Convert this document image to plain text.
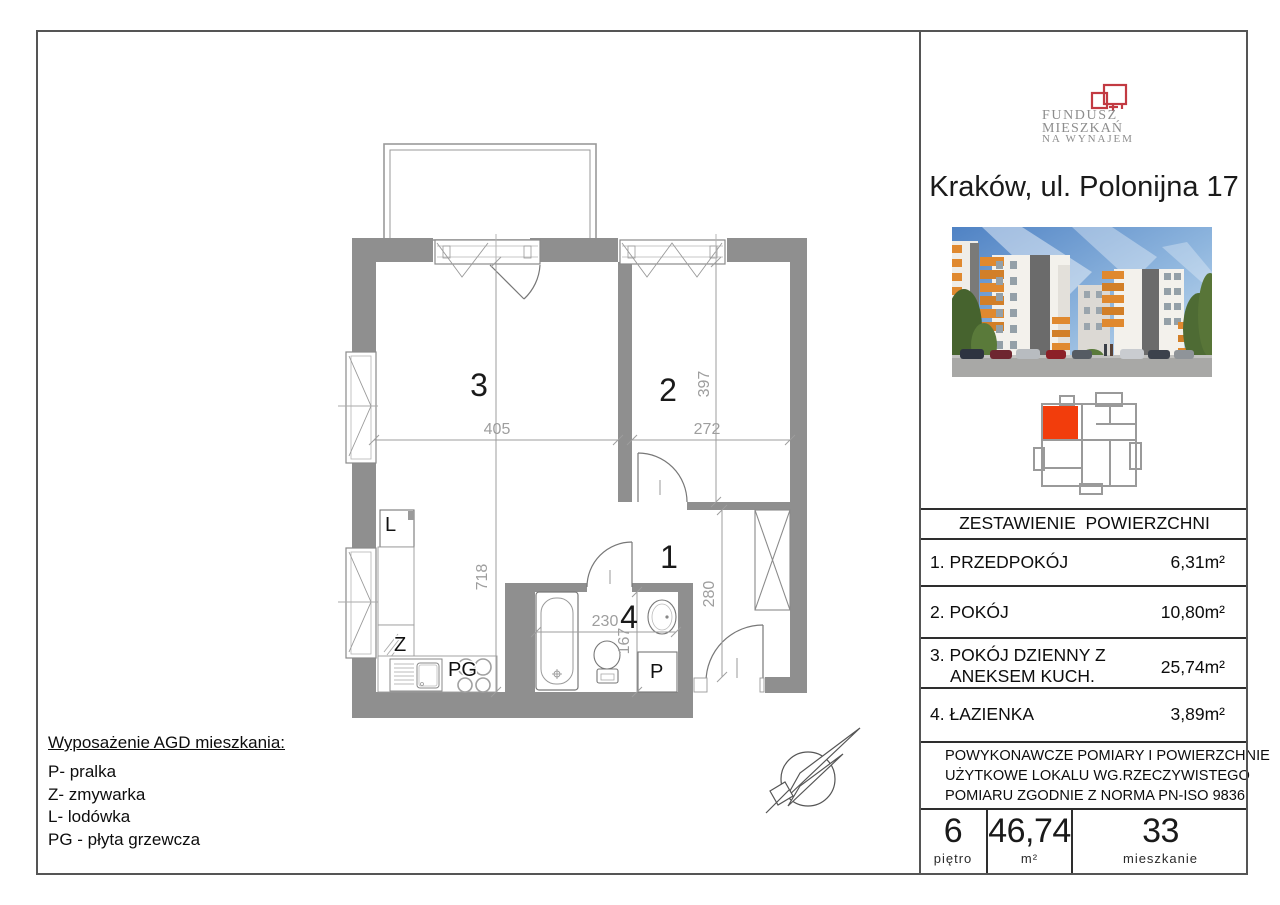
L
Z
PG	P
405	272
397
718
280
230
167
3	2
1
4
Wyposażenie AGD mieszkania:
P- pralka
Z- zmywarka
L- lodówka
PG - płyta grzewcza
FUNDUSZ
MIESZKAŃ
NA WYNAJEM
Kraków, ul. Polonijna 17
ZESTAWIENIE  POWIERZCHNI
1. PRZEDPOKÓJ	6,31m²
2. POKÓJ	10,80m²
3. POKÓJ DZIENNY Z
ANEKSEM KUCH.	25,74m²
4. ŁAZIENKA	3,89m²
POWYKONAWCZE POMIARY I POWIERZCHNIE
UŻYTKOWE LOKALU WG.RZECZYWISTEGO
POMIARU ZGODNIE Z NORMA PN-ISO 9836
6
piętro
46,74
m²
33
mieszkanie
